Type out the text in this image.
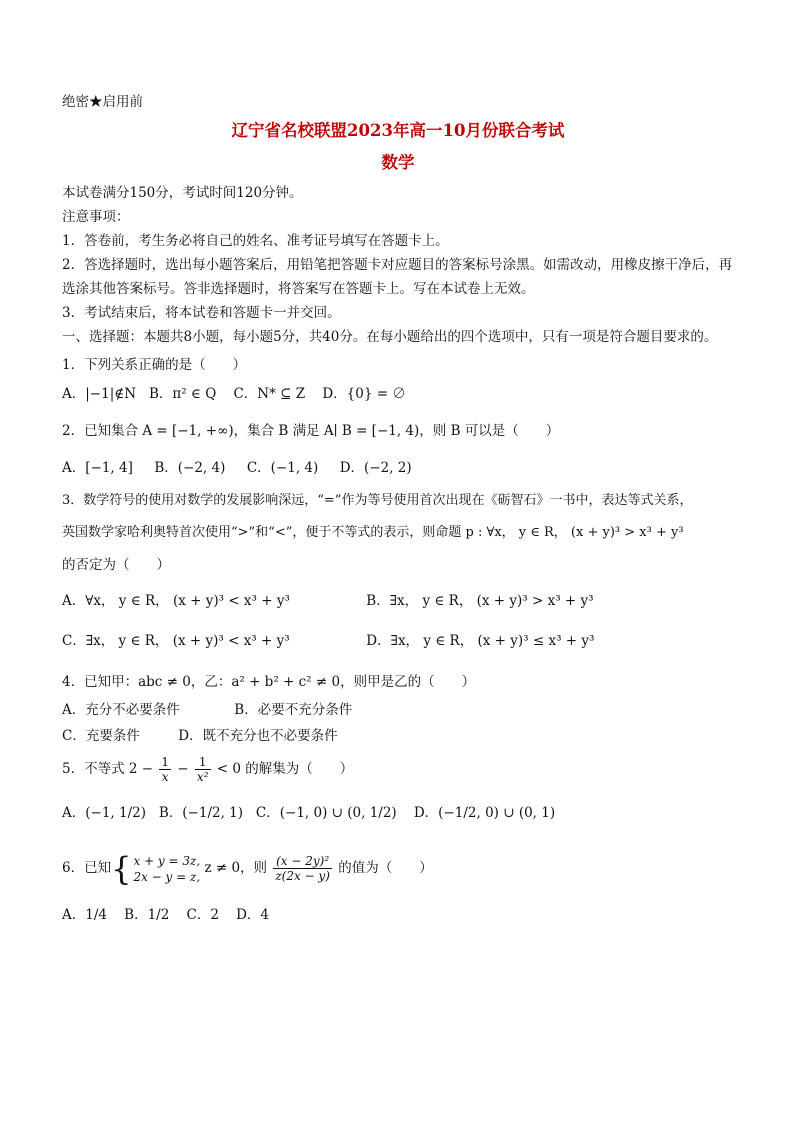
绝密★启用前
辽宁省名校联盟2023年高一10月份联合考试
数学
本试卷满分150分，考试时间120分钟。
注意事项：
1．答卷前，考生务必将自己的姓名、准考证号填写在答题卡上。
2．答选择题时，选出每小题答案后，用铅笔把答题卡对应题目的答案标号涂黑。如需改动，用橡皮擦干净后，再选涂其他答案标号。答非选择题时，将答案写在答题卡上。写在本试卷上无效。
3．考试结束后，将本试卷和答题卡一并交回。
一、选择题：本题共8小题，每小题5分，共40分。在每小题给出的四个选项中，只有一项是符合题目要求的。
1．下列关系正确的是（　　）
A．|−1|∉N B．π² ∈ Q C．N* ⊆ Z D．{0} = ∅
2．已知集合 A = [−1, +∞)，集合 B 满足 A∣ B = [−1, 4)，则 B 可以是（　　）
A．[−1, 4] B．(−2, 4) C．(−1, 4) D．(−2, 2)
3．数学符号的使用对数学的发展影响深远，“=”作为等号使用首次出现在《砺智石》一书中，表达等式关系，
英国数学家哈利奥特首次使用“>”和“<”，便于不等式的表示，则命题 p : ∀x， y ∈ R， (x + y)³ > x³ + y³
的否定为（　　）
A．∀x， y ∈ R， (x + y)³ < x³ + y³	B．∃x， y ∈ R， (x + y)³ > x³ + y³
C．∃x， y ∈ R， (x + y)³ < x³ + y³	D．∃x， y ∈ R， (x + y)³ ≤ x³ + y³
4．已知甲：abc ≠ 0，乙：a² + b² + c² ≠ 0，则甲是乙的（　　）
A．充分不必要条件	B．必要不充分条件
C．充要条件	D．既不充分也不必要条件
5．不等式 $2 - \frac{1}{x} - \frac{1}{\text{x²}} < 0$ 的解集为（　　）
A．(−1, 1/2) B．(−1/2, 1) C．(−1, 0) ∪ (0, 1/2) D．(−1/2, 0) ∪ (0, 1)
6．已知{ x + y = 3z,
2x − y = z,
z ≠ 0，则 $\frac{\text{(x − 2y)²}}{z(2x - y)}$ 的值为（　　）
A．1/4 B．1/2 C．2 D．4
